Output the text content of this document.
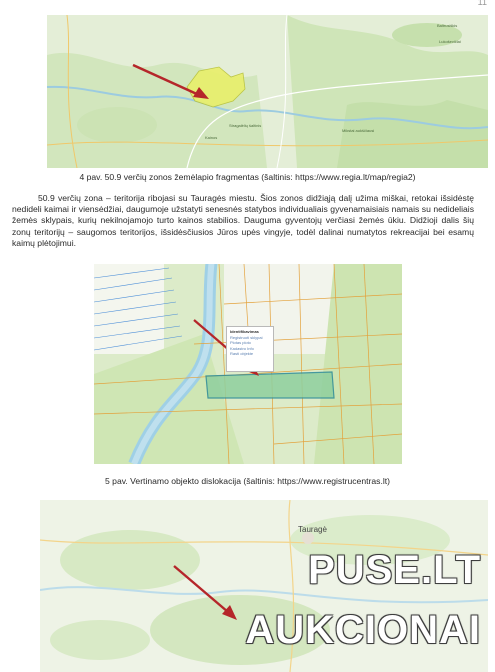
11
Baltrusiškis
Lukoševičiai
Stragalėlių šaltinis
Mikstai aukščiausi
Kainos
4 pav. 50.9 verčių zonos žemėlapio fragmentas (šaltinis: https://www.regia.lt/map/regia2)

50.9 verčių zona – teritorija ribojasi su Tauragės miestu. Šios zonos didžiąją dalį užima miškai, retokai išsidėstę nedideli kaimai ir viensėdžiai, daugumoje užstatyti senesnės statybos individualiais gyvenamaisiais namais su nedideliais žemės sklypais, kurių nekilnojamojo turto kainos stabilios. Dauguma gyventojų verčiasi žemės ūkiu. Didžioji dalis šių zonų teritorijų – saugomos teritorijos, išsidėsčiusios Jūros upės vingyje, todėl dalinai numatytos rekreacijai bei esamų kaimų plėtojimui.

Identifikavimas
Registruoti sklypai
Plotas ploto
Kadastro Info
Rasti objekte
5 pav. Vertinamo objekto dislokacija (šaltinis: https://www.registrucentras.lt)
Tauragė
PUSE.LT
AUKCIONAI
